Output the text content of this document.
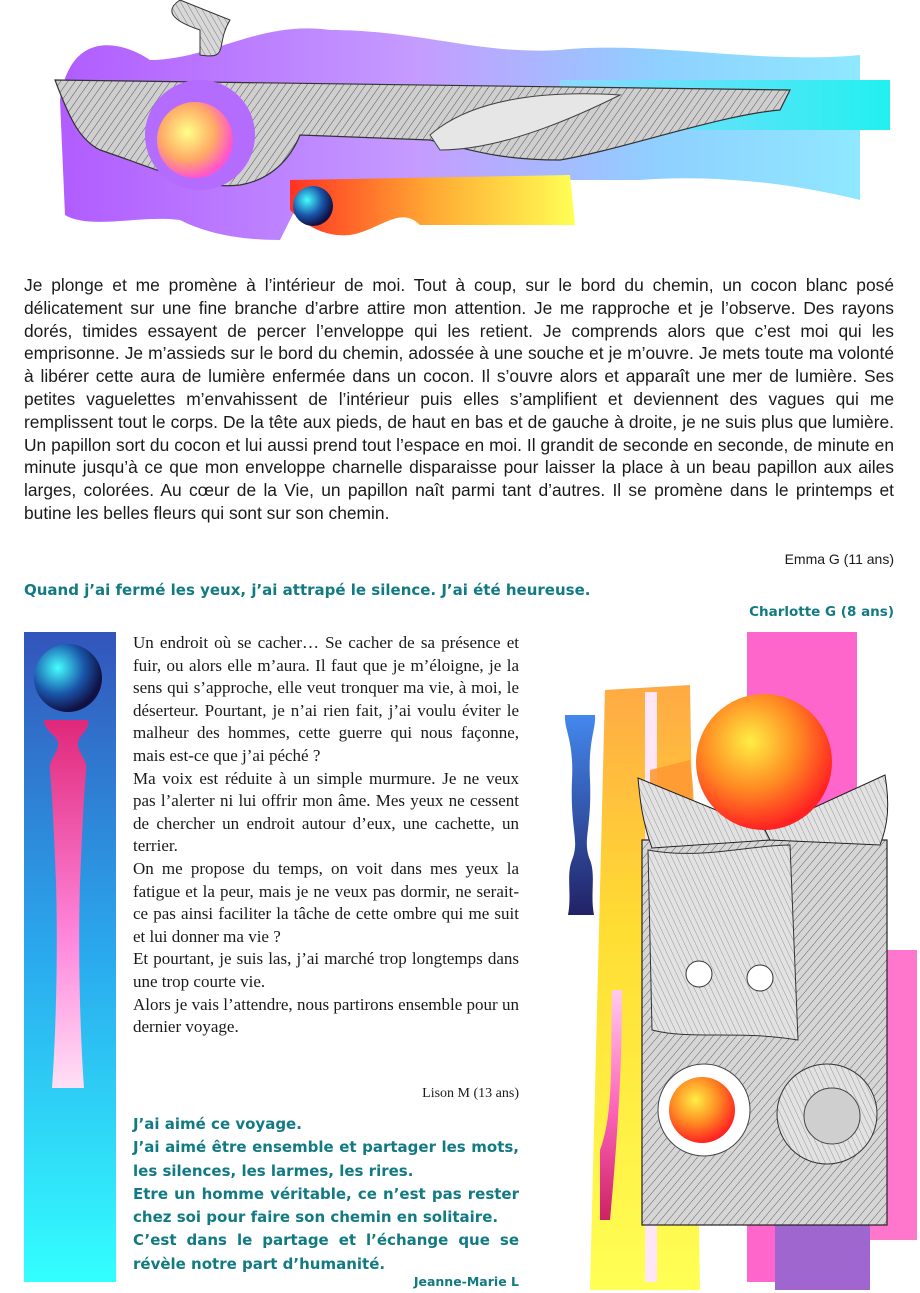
Je plonge et me promène à l’intérieur de moi. Tout à coup, sur le bord du chemin, un cocon blanc posé délicatement sur une fine branche d’arbre attire mon attention. Je me rapproche et je l’observe. Des rayons dorés, timides essayent de percer l’enveloppe qui les retient. Je comprends alors que c’est moi qui les emprisonne. Je m’assieds sur le bord du chemin, adossée à une souche et je m’ouvre. Je mets toute ma volonté à libérer cette aura de lumière enfermée dans un cocon. Il s’ouvre alors et apparaît une mer de lumière. Ses petites vaguelettes m’envahissent de l’intérieur puis elles s’amplifient et deviennent des vagues qui me remplissent tout le corps. De la tête aux pieds, de haut en bas et de gauche à droite, je ne suis plus que lumière. Un papillon sort du cocon et lui aussi prend tout l’espace en moi. Il grandit de seconde en seconde, de minute en minute jusqu’à ce que mon enveloppe charnelle disparaisse pour laisser la place à un beau papillon aux ailes larges, colorées. Au cœur de la Vie, un papillon naît parmi tant d’autres. Il se promène dans le printemps et butine les belles fleurs qui sont sur son chemin.
Emma G (11 ans)
Quand j’ai fermé les yeux, j’ai attrapé le silence. J’ai été heureuse.
Charlotte G (8 ans)

Un endroit où se cacher… Se cacher de sa présence et fuir, ou alors elle m’aura. Il faut que je m’éloigne, je la sens qui s’approche, elle veut tronquer ma vie, à moi, le déserteur. Pourtant, je n’ai rien fait, j’ai voulu éviter le malheur des hommes, cette guerre qui nous façonne, mais est-ce que j’ai péché ?

Ma voix est réduite à un simple murmure. Je ne veux pas l’alerter ni lui offrir mon âme. Mes yeux ne cessent de chercher un endroit autour d’eux, une cachette, un terrier.

On me propose du temps, on voit dans mes yeux la fatigue et la peur, mais je ne veux pas dormir, ne serait-ce pas ainsi faciliter la tâche de cette ombre qui me suit et lui donner ma vie ?

Et pourtant, je suis las, j’ai marché trop longtemps dans une trop courte vie.

Alors je vais l’attendre, nous partirons ensemble pour un dernier voyage.

Lison M (13 ans)

J’ai aimé ce voyage.

J’ai aimé être ensemble et partager les mots, les silences, les larmes, les rires.

Etre un homme véritable, ce n’est pas rester chez soi pour faire son chemin en solitaire.

C’est dans le partage et l’échange que se révèle notre part d’humanité.

Jeanne-Marie L
